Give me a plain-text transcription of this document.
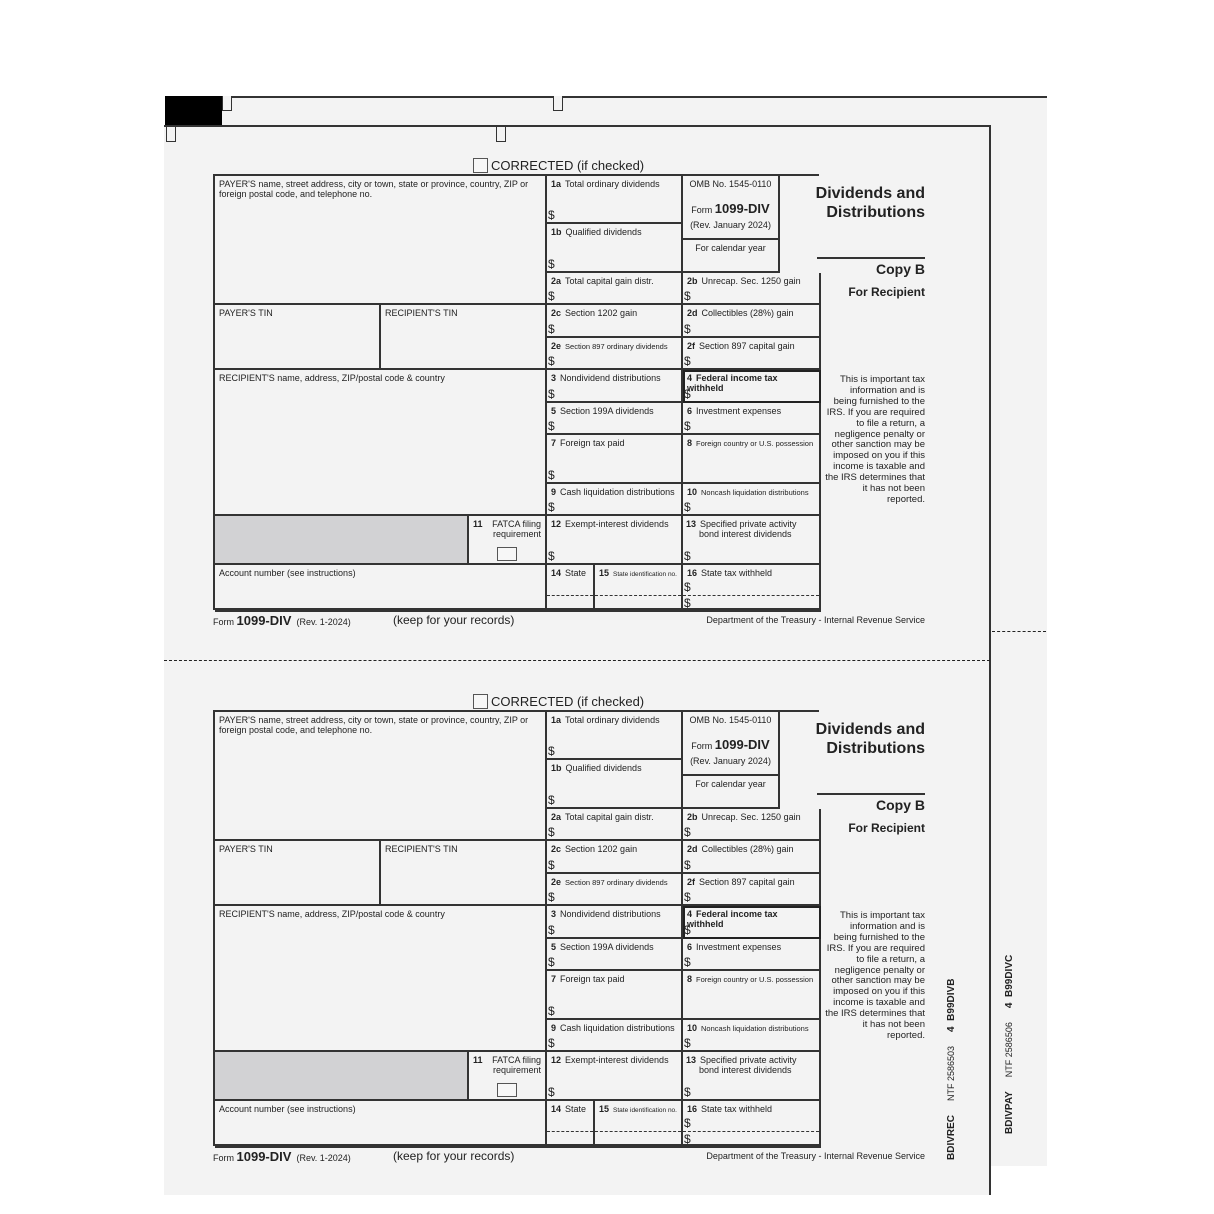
BDIVPAYNTF 25865064  B99DIVC
BDIVRECNTF 25865034  B99DIVB
CORRECTED (if checked)
PAYER'S name, street address, city or town, state or province, country, ZIP or foreign postal code, and telephone no.
PAYER'S TIN	RECIPIENT'S TIN
RECIPIENT'S name, address, ZIP/postal code & country
11 FATCA filing requirement
Account number (see instructions)
1a Total ordinary dividends
$
1b Qualified dividends
$
OMB No. 1545-0110
Form 1099-DIV
(Rev. January 2024)
For calendar year
2a Total capital gain distr.
$
2b Unrecap. Sec. 1250 gain
$
2c Section 1202 gain
$
2d Collectibles (28%) gain
$
2e Section 897 ordinary dividends
$
2f Section 897 capital gain
$
3 Nondividend distributions
$
4 Federal income tax withheld
$
5 Section 199A dividends
$
6 Investment expenses
$
7 Foreign tax paid
$
8 Foreign country or U.S. possession
9 Cash liquidation distributions
$
10 Noncash liquidation distributions
$
12 Exempt-interest dividends
$
13 Specified private activity bond interest dividends
$
14 State	15 State identification no.	16 State tax withheld
$
$
Dividends and
Distributions
Copy B
For Recipient
This is important tax information and is being furnished to the IRS. If you are required to file a return, a negligence penalty or other sanction may be imposed on you if this income is taxable and the IRS determines that it has not been reported.
Form 1099-DIV (Rev. 1-2024)	(keep for your records)	Department of the Treasury - Internal Revenue Service
CORRECTED (if checked)
PAYER'S name, street address, city or town, state or province, country, ZIP or foreign postal code, and telephone no.
PAYER'S TIN	RECIPIENT'S TIN
RECIPIENT'S name, address, ZIP/postal code & country
11 FATCA filing requirement
Account number (see instructions)
1a Total ordinary dividends
$
1b Qualified dividends
$
OMB No. 1545-0110
Form 1099-DIV
(Rev. January 2024)
For calendar year
2a Total capital gain distr.
$
2b Unrecap. Sec. 1250 gain
$
2c Section 1202 gain
$
2d Collectibles (28%) gain
$
2e Section 897 ordinary dividends
$
2f Section 897 capital gain
$
3 Nondividend distributions
$
4 Federal income tax withheld
$
5 Section 199A dividends
$
6 Investment expenses
$
7 Foreign tax paid
$
8 Foreign country or U.S. possession
9 Cash liquidation distributions
$
10 Noncash liquidation distributions
$
12 Exempt-interest dividends
$
13 Specified private activity bond interest dividends
$
14 State	15 State identification no.	16 State tax withheld
$
$
Dividends and
Distributions
Copy B
For Recipient
This is important tax information and is being furnished to the IRS. If you are required to file a return, a negligence penalty or other sanction may be imposed on you if this income is taxable and the IRS determines that it has not been reported.
Form 1099-DIV (Rev. 1-2024)	(keep for your records)	Department of the Treasury - Internal Revenue Service
